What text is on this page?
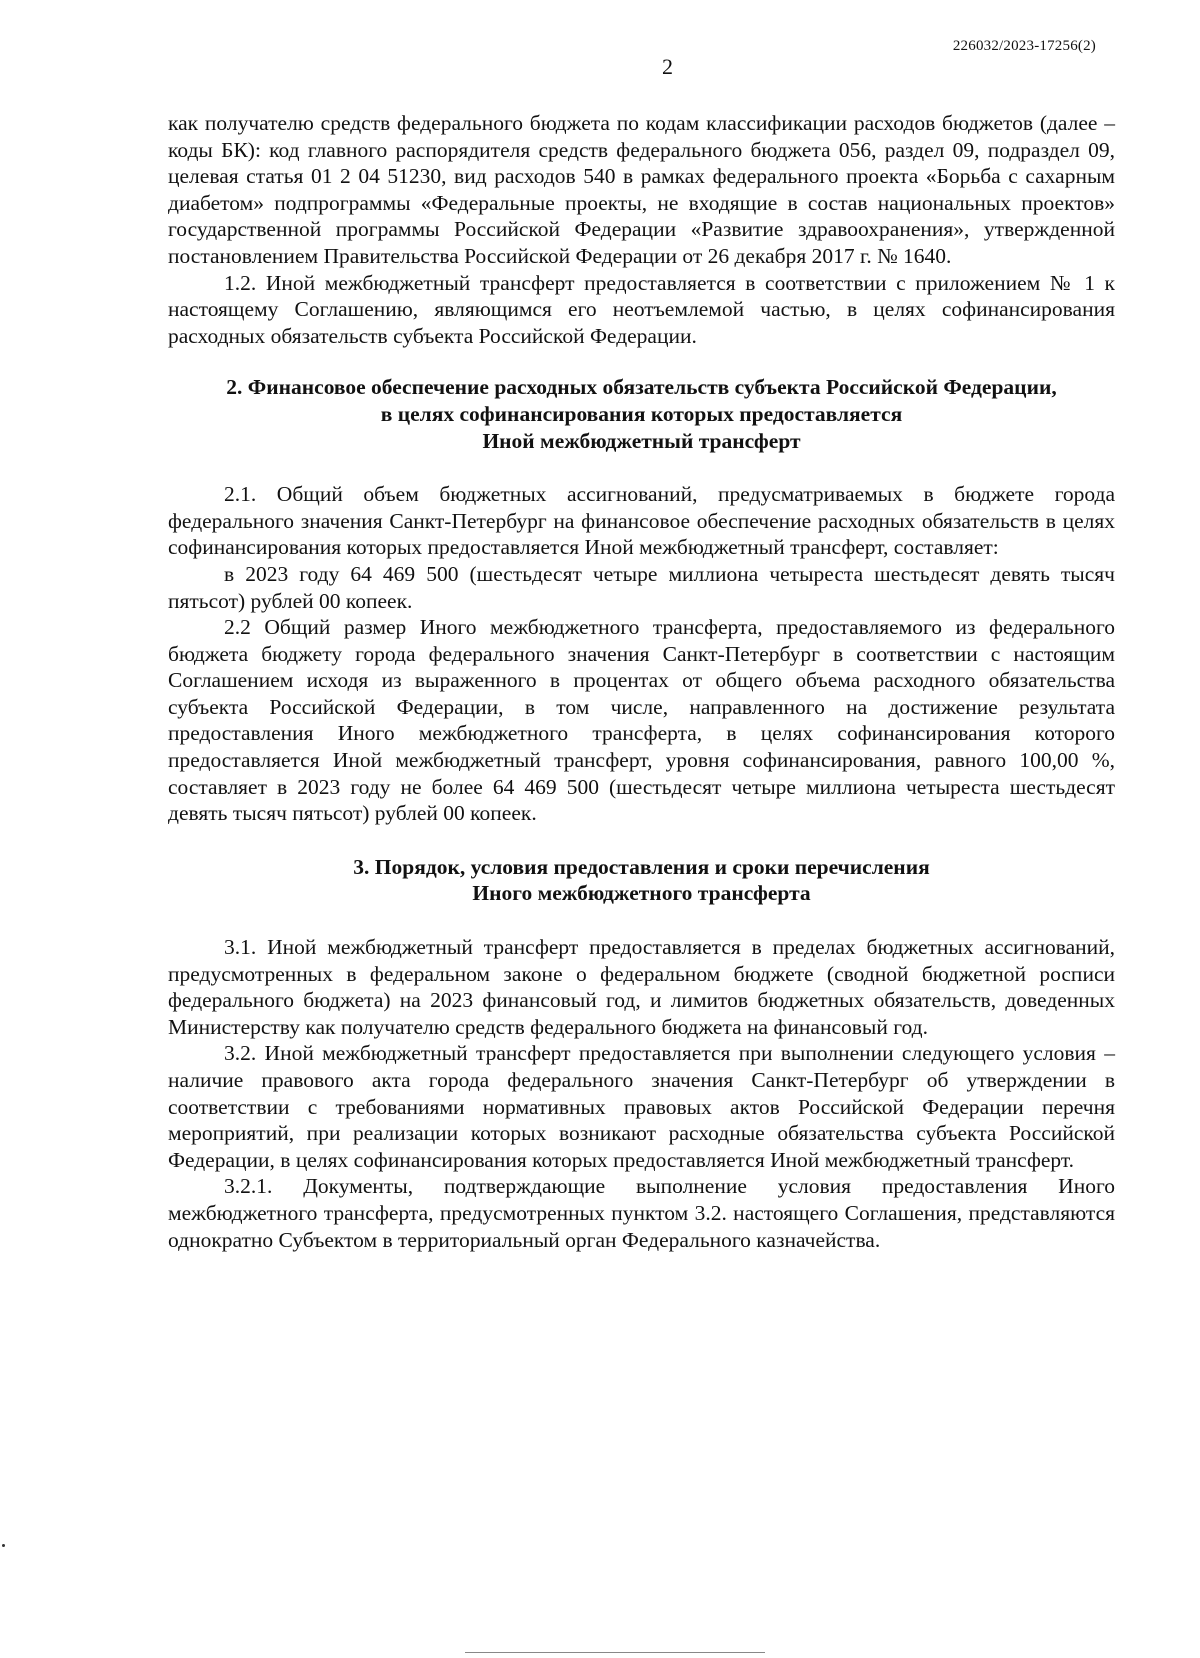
226032/2023-17256(2)
2

как получателю средств федерального бюджета по кодам классификации расходов бюджетов (далее – коды БК): код главного распорядителя средств федерального бюджета 056, раздел 09, подраздел 09, целевая статья 01 2 04 51230, вид расходов 540 в рамках федерального проекта «Борьба с сахарным диабетом» подпрограммы «Федеральные проекты, не входящие в состав национальных проектов» государственной программы Российской Федерации «Развитие здравоохранения», утвержденной постановлением Правительства Российской Федерации от 26 декабря 2017 г. № 1640.

1.2. Иной межбюджетный трансферт предоставляется в соответствии с приложением № 1 к настоящему Соглашению, являющимся его неотъемлемой частью, в целях софинансирования расходных обязательств субъекта Российской Федерации.

2. Финансовое обеспечение расходных обязательств субъекта Российской Федерации,
в целях софинансирования которых предоставляется
Иной межбюджетный трансферт

2.1. Общий объем бюджетных ассигнований, предусматриваемых в бюджете города федерального значения Санкт-Петербург на финансовое обеспечение расходных обязательств в целях софинансирования которых предоставляется Иной межбюджетный трансферт, составляет:

в 2023 году 64 469 500 (шестьдесят четыре миллиона четыреста шестьдесят девять тысяч пятьсот) рублей 00 копеек.

2.2 Общий размер Иного межбюджетного трансферта, предоставляемого из федерального бюджета бюджету города федерального значения Санкт-Петербург в соответствии с настоящим Соглашением исходя из выраженного в процентах от общего объема расходного обязательства субъекта Российской Федерации, в том числе, направленного на достижение результата предоставления Иного межбюджетного трансферта, в целях софинансирования которого предоставляется Иной межбюджетный трансферт, уровня софинансирования, равного 100,00 %, составляет в 2023 году не более 64 469 500 (шестьдесят четыре миллиона четыреста шестьдесят девять тысяч пятьсот) рублей 00 копеек.

3. Порядок, условия предоставления и сроки перечисления
Иного межбюджетного трансферта

3.1. Иной межбюджетный трансферт предоставляется в пределах бюджетных ассигнований, предусмотренных в федеральном законе о федеральном бюджете (сводной бюджетной росписи федерального бюджета) на 2023 финансовый год, и лимитов бюджетных обязательств, доведенных Министерству как получателю средств федерального бюджета на финансовый год.

3.2. Иной межбюджетный трансферт предоставляется при выполнении следующего условия – наличие правового акта города федерального значения Санкт-Петербург об утверждении в соответствии с требованиями нормативных правовых актов Российской Федерации перечня мероприятий, при реализации которых возникают расходные обязательства субъекта Российской Федерации, в целях софинансирования которых предоставляется Иной межбюджетный трансферт.

3.2.1. Документы, подтверждающие выполнение условия предоставления Иного межбюджетного трансферта, предусмотренных пунктом 3.2. настоящего Соглашения, представляются однократно Субъектом в территориальный орган Федерального казначейства.
